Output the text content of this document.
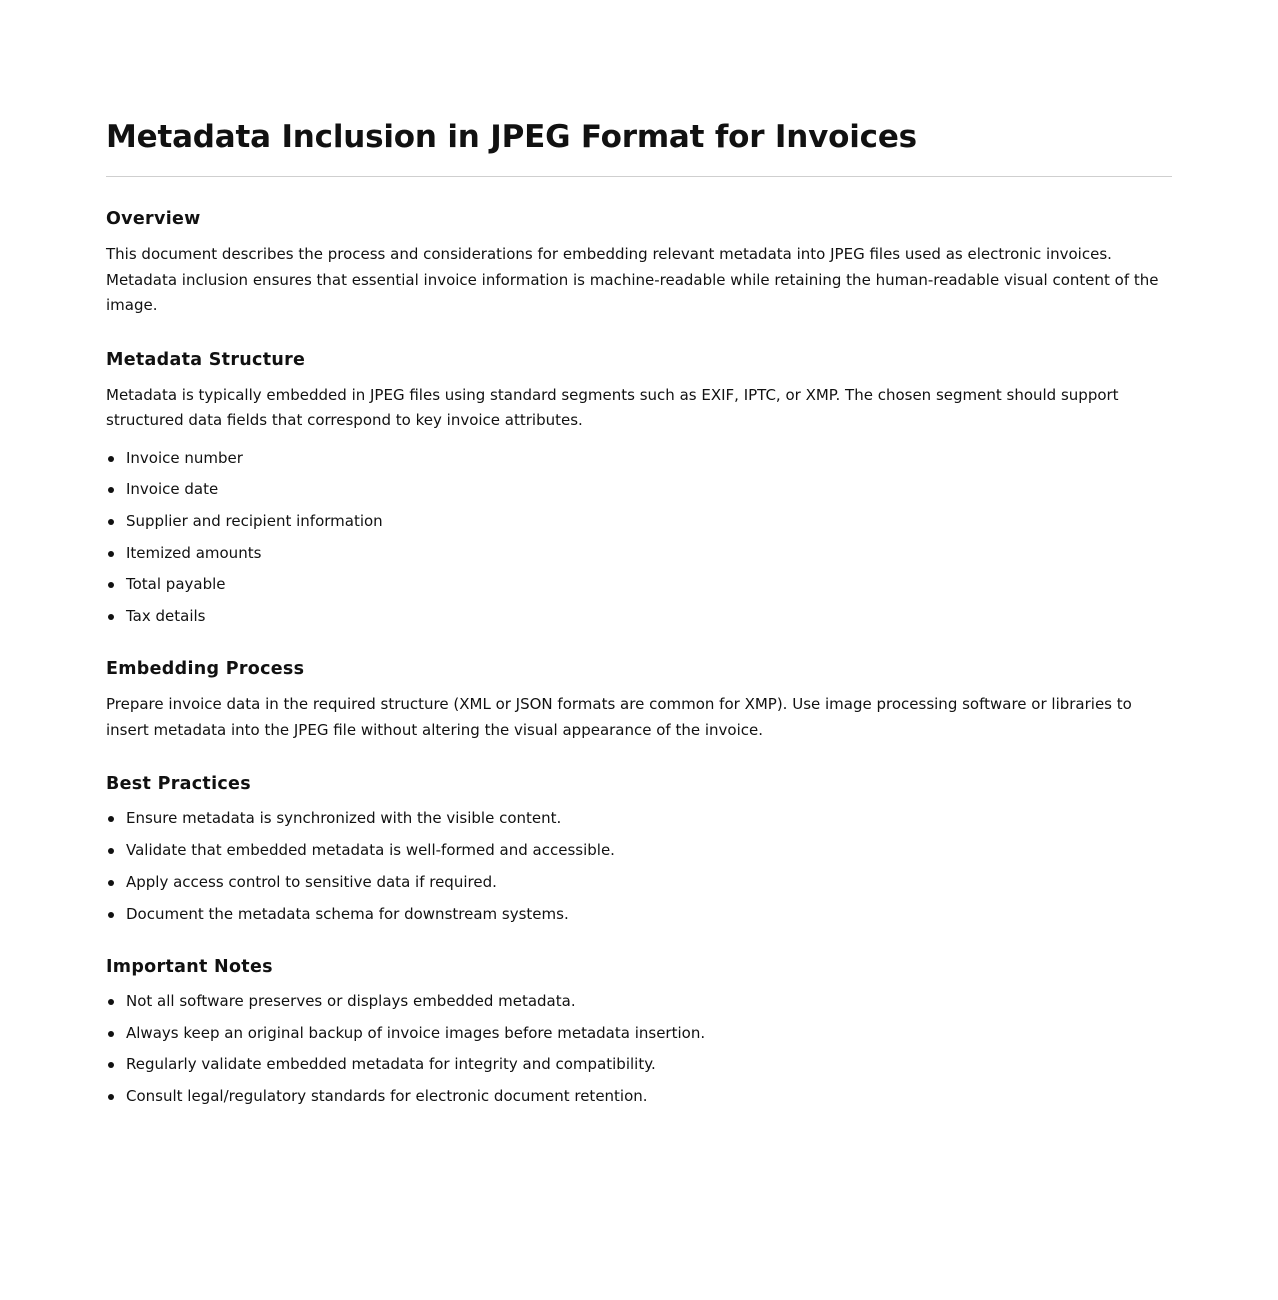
Metadata Inclusion in JPEG Format for Invoices
Overview

This document describes the process and considerations for embedding relevant metadata into JPEG files used as electronic invoices. Metadata inclusion ensures that essential invoice information is machine-readable while retaining the human-readable visual content of the image.

Metadata Structure

Metadata is typically embedded in JPEG files using standard segments such as EXIF, IPTC, or XMP. The chosen segment should support structured data fields that correspond to key invoice attributes.

Invoice number
Invoice date
Supplier and recipient information
Itemized amounts
Total payable
Tax details
Embedding Process

Prepare invoice data in the required structure (XML or JSON formats are common for XMP). Use image processing software or libraries to insert metadata into the JPEG file without altering the visual appearance of the invoice.

Best Practices
Ensure metadata is synchronized with the visible content.
Validate that embedded metadata is well-formed and accessible.
Apply access control to sensitive data if required.
Document the metadata schema for downstream systems.
Important Notes
Not all software preserves or displays embedded metadata.
Always keep an original backup of invoice images before metadata insertion.
Regularly validate embedded metadata for integrity and compatibility.
Consult legal/regulatory standards for electronic document retention.
